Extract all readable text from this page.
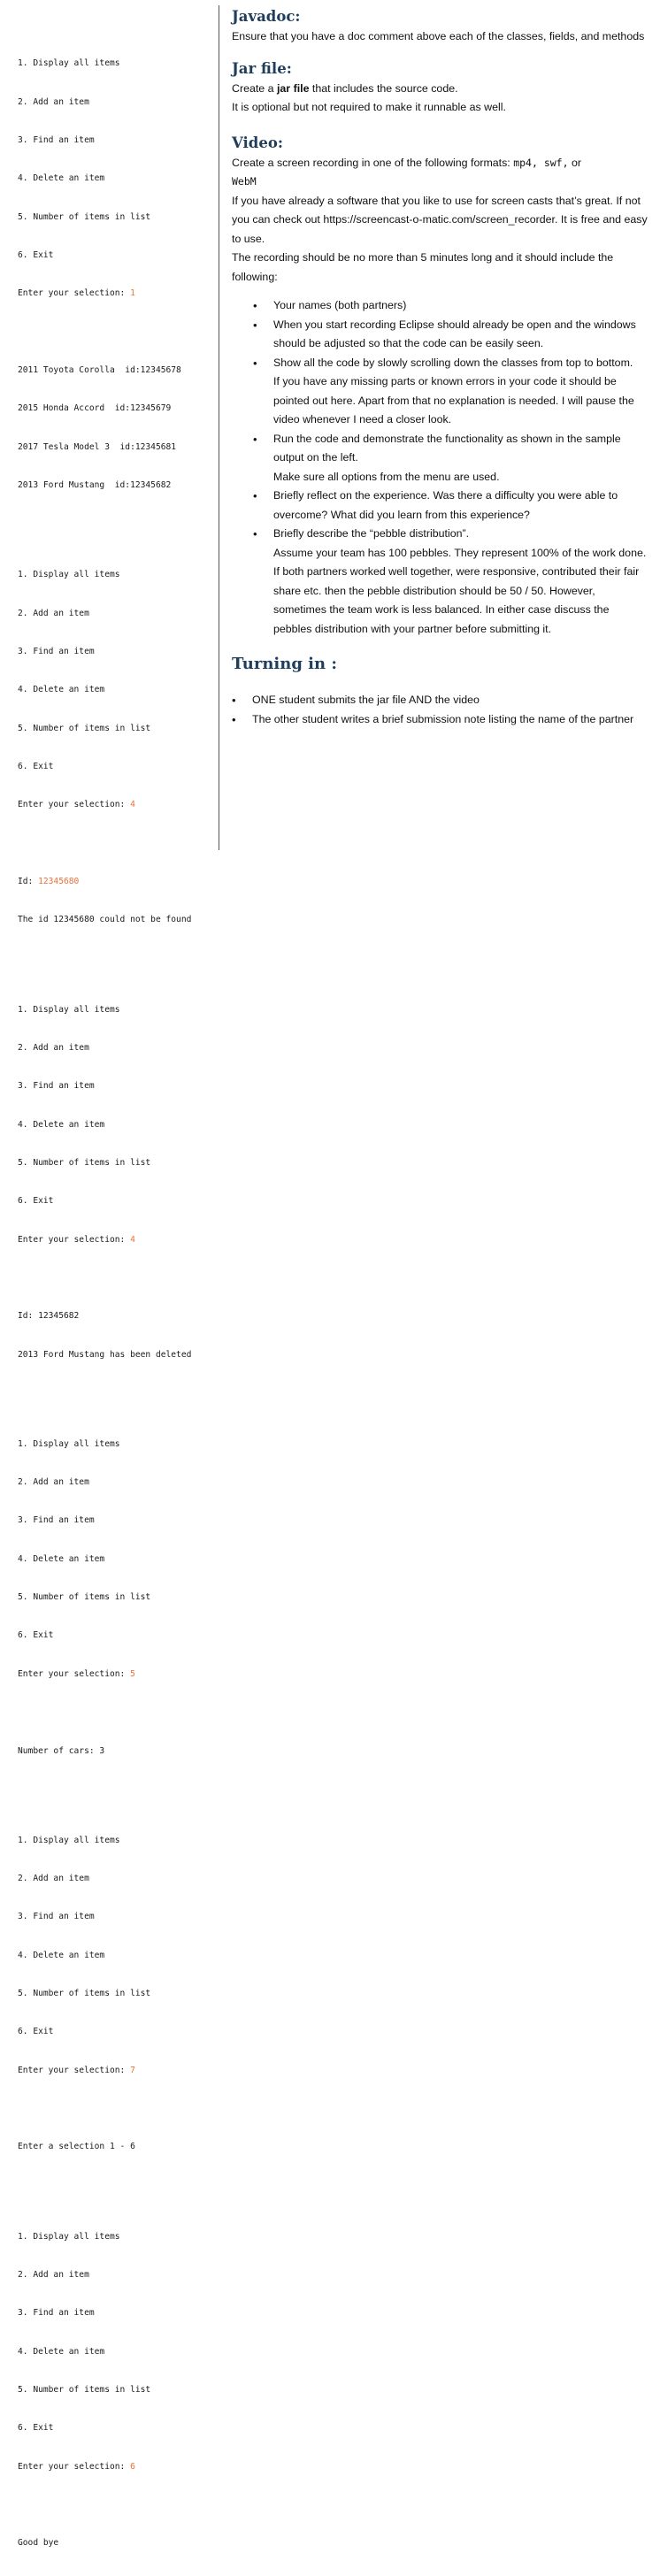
1. Display all items

2. Add an item

3. Find an item

4. Delete an item

5. Number of items in list

6. Exit

Enter your selection: 1

2011 Toyota Corolla  id:12345678

2015 Honda Accord  id:12345679

2017 Tesla Model 3  id:12345681

2013 Ford Mustang  id:12345682

1. Display all items

2. Add an item

3. Find an item

4. Delete an item

5. Number of items in list

6. Exit

Enter your selection: 4

Id: 12345680

The id 12345680 could not be found

1. Display all items

2. Add an item

3. Find an item

4. Delete an item

5. Number of items in list

6. Exit

Enter your selection: 4

Id: 12345682

2013 Ford Mustang has been deleted

1. Display all items

2. Add an item

3. Find an item

4. Delete an item

5. Number of items in list

6. Exit

Enter your selection: 5

Number of cars: 3

1. Display all items

2. Add an item

3. Find an item

4. Delete an item

5. Number of items in list

6. Exit

Enter your selection: 7

Enter a selection 1 - 6

1. Display all items

2. Add an item

3. Find an item

4. Delete an item

5. Number of items in list

6. Exit

Enter your selection: 6

Good bye

Javadoc:

Ensure that you have a doc comment above each of the classes, fields, and methods

Jar file:

Create a jar file that includes the source code.

It is optional but not required to make it runnable as well.

Video:

Create a screen recording in one of the following formats: mp4, swf, or
WebM

If you have already a software that you like to use for screen casts that’s great. If not you can check out https://screencast-o-matic.com/screen_recorder. It is free and easy to use.

The recording should be no more than 5 minutes long and it should include the following:

• Your names (both partners)
• When you start recording Eclipse should already be open and the windows should be adjusted so that the code can be easily seen.
• Show all the code by slowly scrolling down the classes from top to bottom.
If you have any missing parts or known errors in your code it should be pointed out here. Apart from that no explanation is needed. I will pause the video whenever I need a closer look.
• Run the code and demonstrate the functionality as shown in the sample output on the left.
Make sure all options from the menu are used.
• Briefly reflect on the experience. Was there a difficulty you were able to overcome? What did you learn from this experience?
• Briefly describe the “pebble distribution”.
Assume your team has 100 pebbles. They represent 100% of the work done. If both partners worked well together, were responsive, contributed their fair share etc. then the pebble distribution should be 50 / 50. However, sometimes the team work is less balanced. In either case discuss the pebbles distribution with your partner before submitting it.
Turning in :
• ONE student submits the jar file AND the video
• The other student writes a brief submission note listing the name of the partner
